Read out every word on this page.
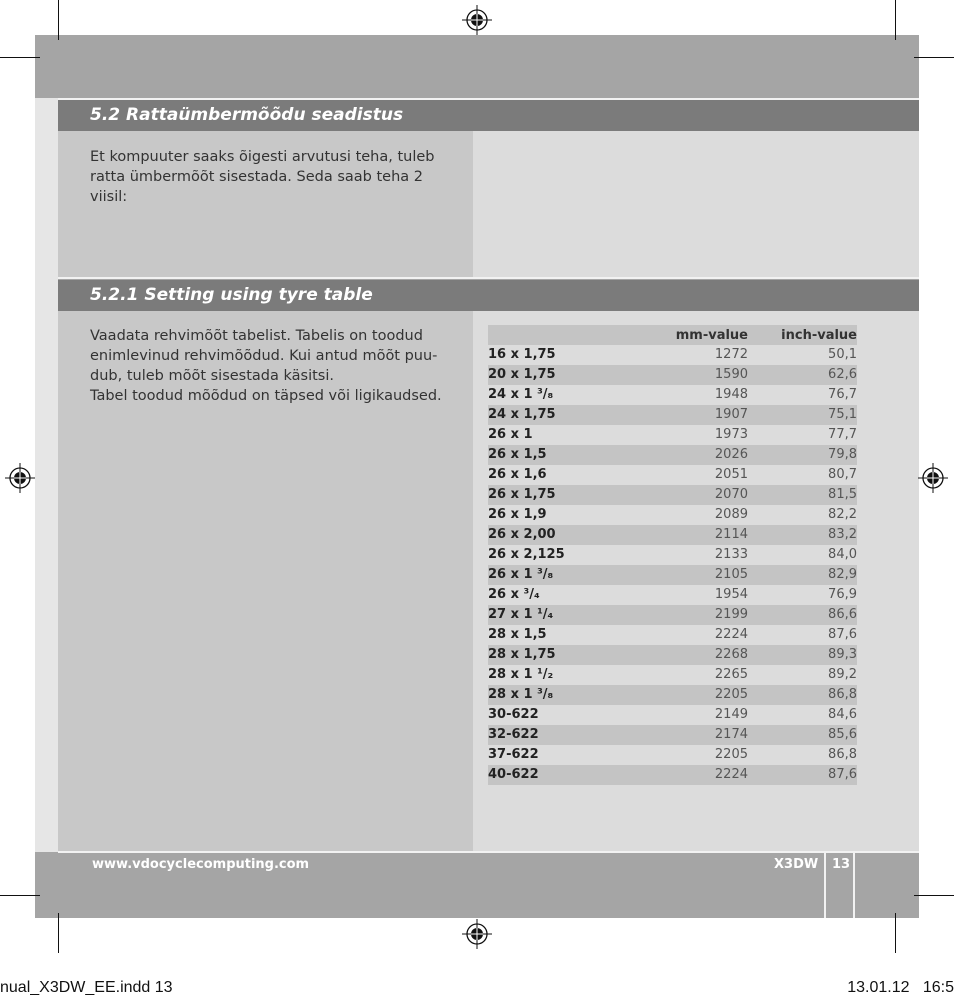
5.2 Rattaümbermõõdu seadistus
Et kompuuter saaks õigesti arvutusi teha, tuleb ratta ümbermõõt sisestada. Seda saab teha 2 viisil:
5.2.1 Setting using tyre table
Vaadata rehvimõõt tabelist. Tabelis on toodud
enimlevinud rehvimõõdud. Kui antud mõõt puu-
dub, tuleb mõõt sisestada käsitsi.
Tabel toodud mõõdud on täpsed või ligikaudsed.
	mm-value	inch-value
16 x 1,75	1272	50,1
20 x 1,75	1590	62,6
24 x 1 ³/₈	1948	76,7
24 x 1,75	1907	75,1
26 x 1	1973	77,7
26 x 1,5	2026	79,8
26 x 1,6	2051	80,7
26 x 1,75	2070	81,5
26 x 1,9	2089	82,2
26 x 2,00	2114	83,2
26 x 2,125	2133	84,0
26 x 1 ³/₈	2105	82,9
26 x ³/₄	1954	76,9
27 x 1 ¹/₄	2199	86,6
28 x 1,5	2224	87,6
28 x 1,75	2268	89,3
28 x 1 ¹/₂	2265	89,2
28 x 1 ³/₈	2205	86,8
30-622	2149	84,6
32-622	2174	85,6
37-622	2205	86,8
40-622	2224	87,6
www.vdocyclecomputing.com	X3DW 13
nual_X3DW_EE.indd 13	13.01.12   16:5
